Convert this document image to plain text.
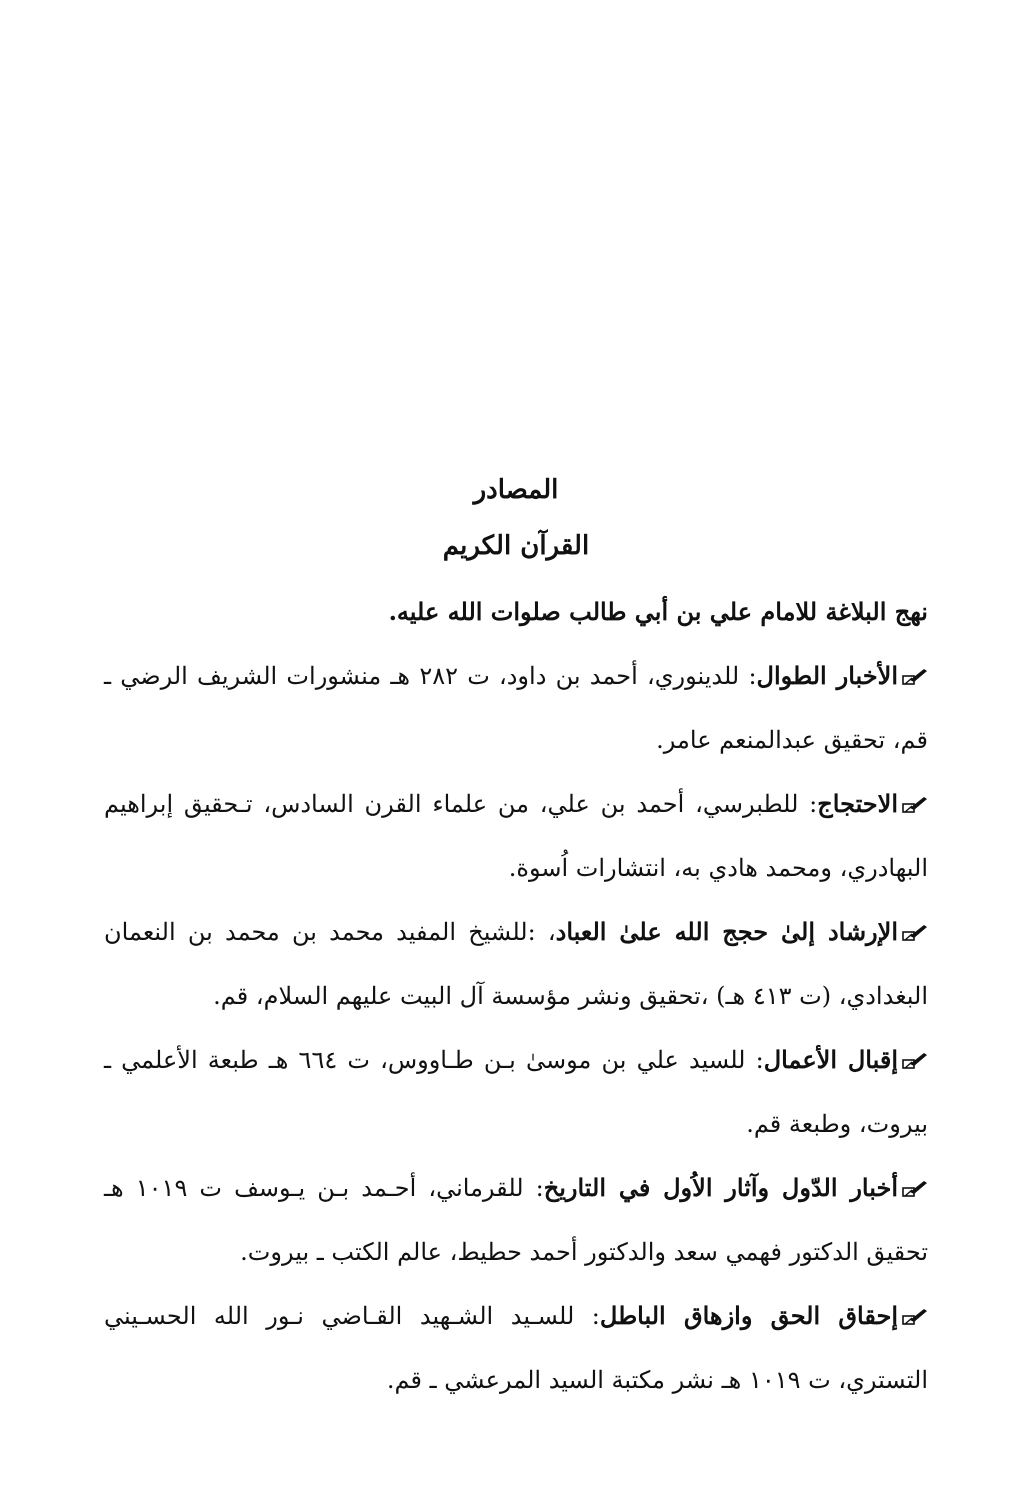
المصادر
القرآن الكريم

نهج البلاغة للامام علي بن أبي طالب صلوات الله عليه.

الأخبار الطوال: للدينوري، أحمد بن داود، ت ٢٨٢ هـ منشورات الشريف الرضي ـ قم، تحقيق عبدالمنعم عامر.

الاحتجاج: للطبرسي، أحمد بن علي، من علماء القرن السادس، تـحقيق إبراهيم البهادري، ومحمد هادي به، انتشارات اُسوة.

الإرشاد إلىٰ حجج الله علىٰ العباد، :للشيخ المفيد محمد بن محمد بن النعمان البغدادي، (ت ٤١٣ هـ) ،تحقيق ونشر مؤسسة آل البيت عليهم السلام، قم.

إقبال الأعمال: للسيد علي بن موسىٰ بـن طـاووس، ت ٦٦٤ هـ طبعة الأعلمي ـ بيروت، وطبعة قم.

أخبار الدّول وآثار الاُول في التاريخ: للقرماني، أحـمد بـن يـوسف ت ١٠١٩ هـ تحقيق الدكتور فهمي سعد والدكتور أحمد حطيط، عالم الكتب ـ بيروت.

إحقاق الحق وازهاق الباطل: للسـيد الشـهيد القـاضي نـور الله الحسـيني التستري، ت ١٠١٩ هـ نشر مكتبة السيد المرعشي ـ قم.
